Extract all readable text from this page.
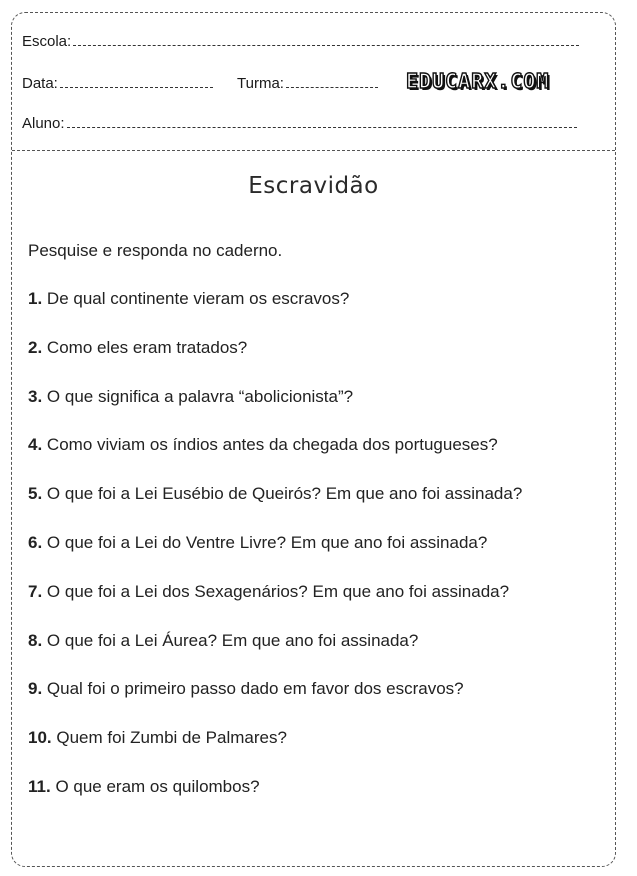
Escola:
Data:	Turma:	EDUCARX.COM
Aluno:
Escravidão
Pesquise e responda no caderno.
1. De qual continente vieram os escravos?
2. Como eles eram tratados?
3. O que significa a palavra “abolicionista”?
4. Como viviam os índios antes da chegada dos portugueses?
5. O que foi a Lei Eusébio de Queirós? Em que ano foi assinada?
6. O que foi a Lei do Ventre Livre? Em que ano foi assinada?
7. O que foi a Lei dos Sexagenários? Em que ano foi assinada?
8. O que foi a Lei Áurea? Em que ano foi assinada?
9. Qual foi o primeiro passo dado em favor dos escravos?
10. Quem foi Zumbi de Palmares?
11. O que eram os quilombos?
